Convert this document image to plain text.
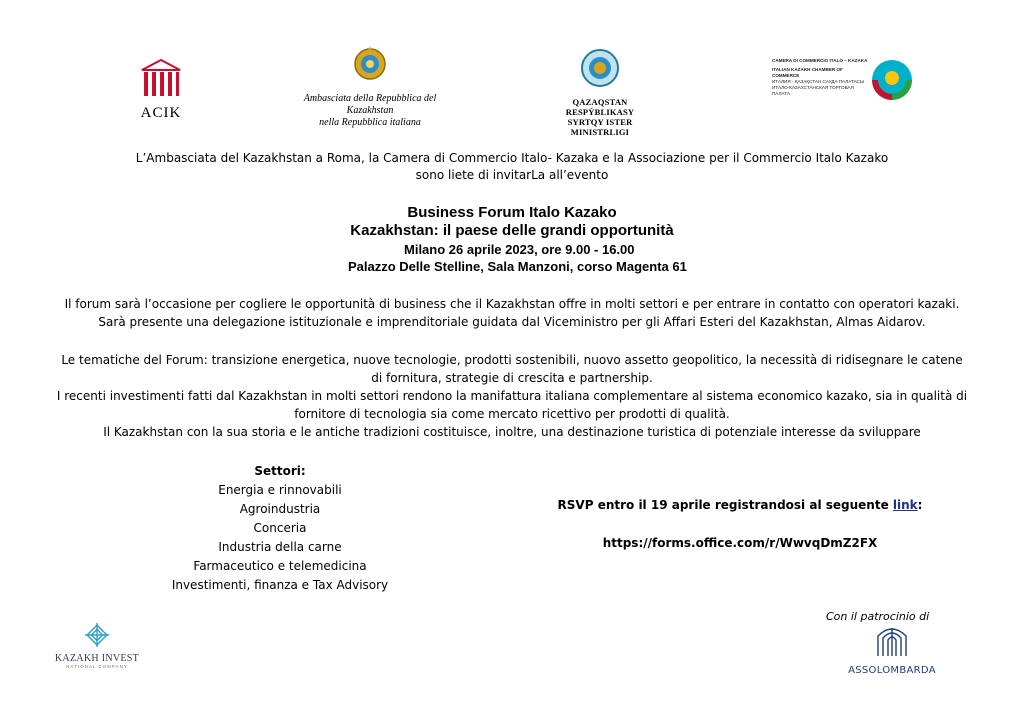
ACIK
Ambasciata della Repubblica del
Kazakhstan
nella Repubblica italiana
QAZAQSTAN RESPÝBLIKASY
SYRTQY ISTER MINISTRLIGI
CAMERA DI COMMERCIO ITALO – KAZAKA
ITALIAN KAZAKH CHAMBER OF COMMERCE
ИТАЛИЯ - ҚАЗАҚСТАН САУДА ПАЛАТАСЫ
ИТАЛО-КАЗАХСТАНСКАЯ ТОРГОВАЯ ПАЛАТА
L’Ambasciata del Kazakhstan a Roma, la Camera di Commercio Italo- Kazaka e la Associazione per il Commercio Italo Kazako
sono liete di invitarLa all’evento
Business Forum Italo Kazako
Kazakhstan: il paese delle grandi opportunità
Milano 26 aprile 2023, ore 9.00 - 16.00
Palazzo Delle Stelline, Sala Manzoni, corso Magenta 61
Il forum sarà l’occasione per cogliere le opportunità di business che il Kazakhstan offre in molti settori e per entrare in contatto con operatori kazaki.
Sarà presente una delegazione istituzionale e imprenditoriale guidata dal Viceministro per gli Affari Esteri del Kazakhstan, Almas Aidarov.
Le tematiche del Forum: transizione energetica, nuove tecnologie, prodotti sostenibili, nuovo assetto geopolitico, la necessità di ridisegnare le catene
di fornitura, strategie di crescita e partnership.
I recenti investimenti fatti dal Kazakhstan in molti settori rendono la manifattura italiana complementare al sistema economico kazako, sia in qualità di
fornitore di tecnologia sia come mercato ricettivo per prodotti di qualità.
Il Kazakhstan con la sua storia e le antiche tradizioni costituisce, inoltre, una destinazione turistica di potenziale interesse da sviluppare
Settori:
Energia e rinnovabili
Agroindustria
Conceria
Industria della carne
Farmaceutico e telemedicina
Investimenti, finanza e Tax Advisory
RSVP entro il 19 aprile registrandosi al seguente link:
https://forms.office.com/r/WwvqDmZ2FX
Con il patrocinio di
ASSOLOMBARDA
KAZAKH INVEST
NATIONAL COMPANY
